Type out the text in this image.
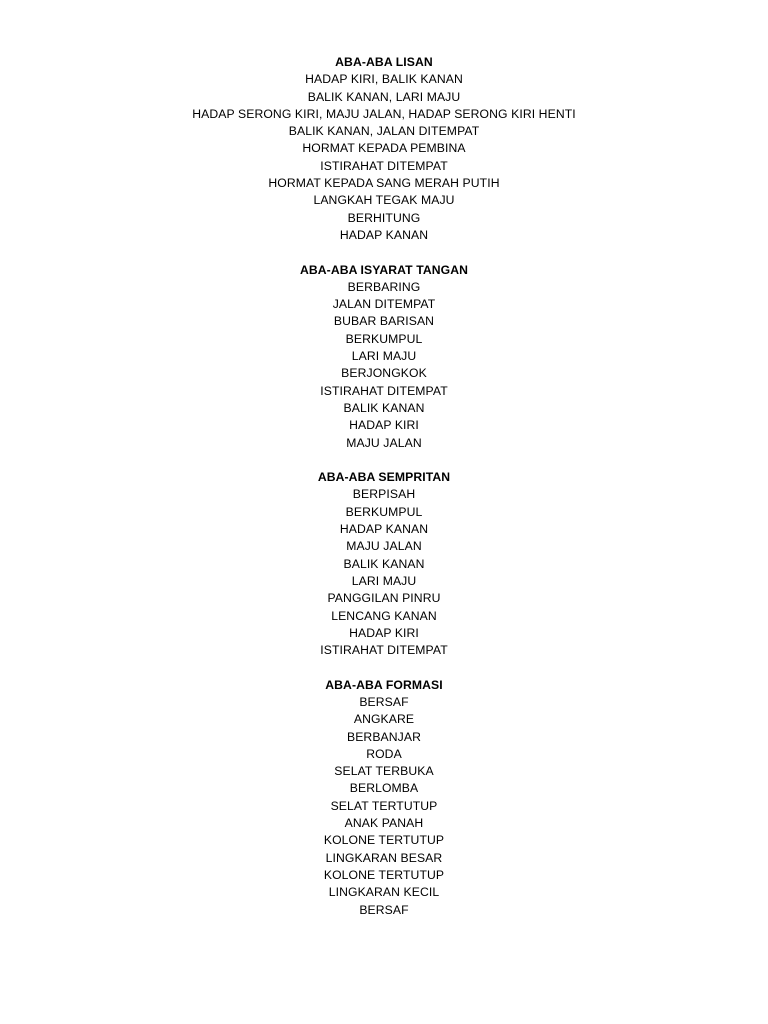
ABA-ABA LISAN
HADAP KIRI, BALIK KANAN
BALIK KANAN, LARI MAJU
HADAP SERONG KIRI, MAJU JALAN, HADAP SERONG KIRI HENTI
BALIK KANAN, JALAN DITEMPAT
HORMAT KEPADA PEMBINA
ISTIRAHAT DITEMPAT
HORMAT KEPADA SANG MERAH PUTIH
LANGKAH TEGAK MAJU
BERHITUNG
HADAP KANAN
ABA-ABA ISYARAT TANGAN
BERBARING
JALAN DITEMPAT
BUBAR BARISAN
BERKUMPUL
LARI MAJU
BERJONGKOK
ISTIRAHAT DITEMPAT
BALIK KANAN
HADAP KIRI
MAJU JALAN
ABA-ABA SEMPRITAN
BERPISAH
BERKUMPUL
HADAP KANAN
MAJU JALAN
BALIK KANAN
LARI MAJU
PANGGILAN PINRU
LENCANG KANAN
HADAP KIRI
ISTIRAHAT DITEMPAT
ABA-ABA FORMASI
BERSAF
ANGKARE
BERBANJAR
RODA
SELAT TERBUKA
BERLOMBA
SELAT TERTUTUP
ANAK PANAH
KOLONE TERTUTUP
LINGKARAN BESAR
KOLONE TERTUTUP
LINGKARAN KECIL
BERSAF
